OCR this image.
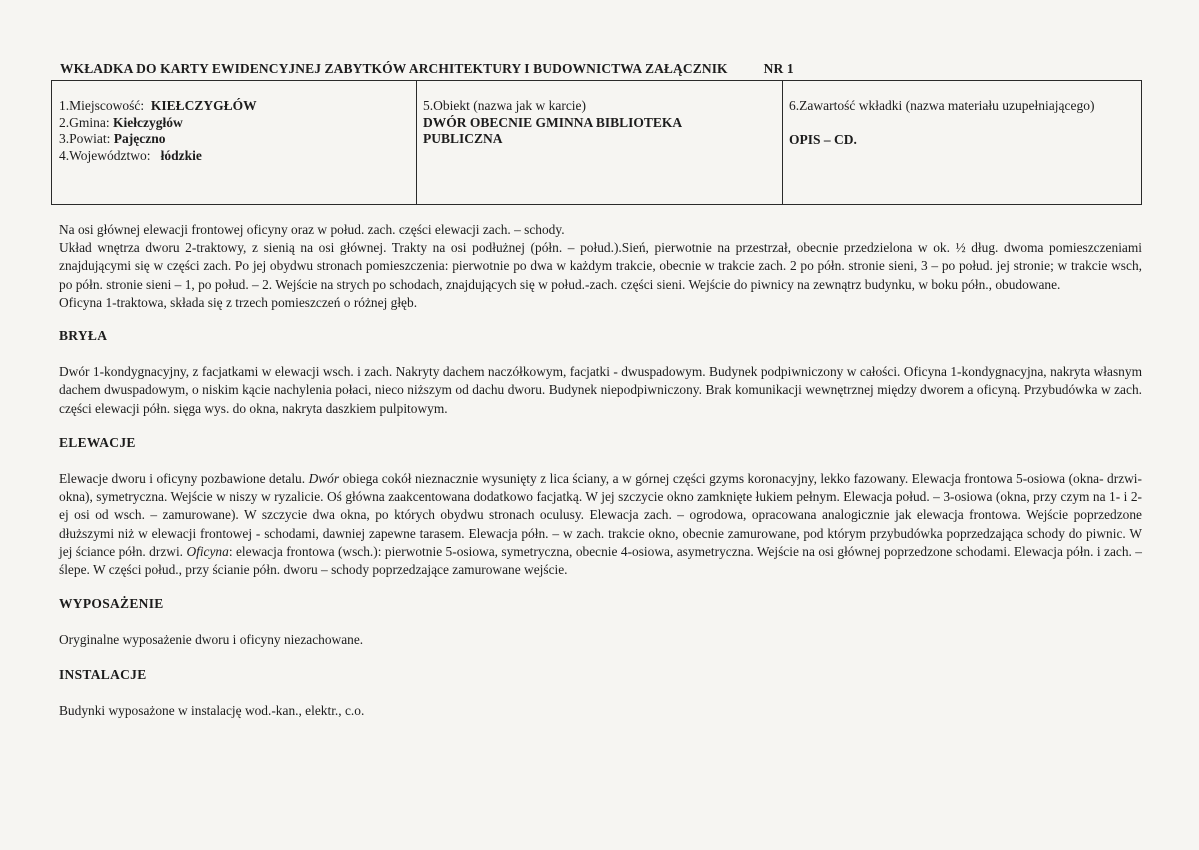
WKŁADKA DO KARTY EWIDENCYJNEJ ZABYTKÓW ARCHITEKTURY I BUDOWNICTWA ZAŁĄCZNIK	NR 1
1.Miejscowość: KIEŁCZYGŁÓW
2.Gmina: Kiełczygłów
3.Powiat: Pajęczno
4.Województwo: łódzkie
5.Obiekt (nazwa jak w karcie)
DWÓR OBECNIE GMINNA BIBLIOTEKA
PUBLICZNA
6.Zawartość wkładki (nazwa materiału uzupełniającego)
OPIS – CD.

Na osi głównej elewacji frontowej oficyny oraz w połud. zach. części elewacji zach. – schody.

Układ wnętrza dworu 2-traktowy, z sienią na osi głównej. Trakty na osi podłużnej (półn. – połud.).Sień, pierwotnie na przestrzał, obecnie przedzielona w ok. ½ dług. dwoma pomieszczeniami znajdującymi się w części zach. Po jej obydwu stronach pomieszczenia: pierwotnie po dwa w każdym trakcie, obecnie w trakcie zach. 2 po półn. stronie sieni, 3 – po połud. jej stronie; w trakcie wsch, po półn. stronie sieni – 1, po połud. – 2. Wejście na strych po schodach, znajdujących się w połud.-zach. części sieni. Wejście do piwnicy na zewnątrz budynku, w boku półn., obudowane.

Oficyna 1-traktowa, składa się z trzech pomieszczeń o różnej głęb.

BRYŁA

Dwór 1-kondygnacyjny, z facjatkami w elewacji wsch. i zach. Nakryty dachem naczółkowym, facjatki - dwuspadowym. Budynek podpiwniczony w całości. Oficyna 1-kondygnacyjna, nakryta własnym dachem dwuspadowym, o niskim kącie nachylenia połaci, nieco niższym od dachu dworu. Budynek niepodpiwniczony. Brak komunikacji wewnętrznej między dworem a oficyną. Przybudówka w zach. części elewacji półn. sięga wys. do okna, nakryta daszkiem pulpitowym.

ELEWACJE

Elewacje dworu i oficyny pozbawione detalu. Dwór obiega cokół nieznacznie wysunięty z lica ściany, a w górnej części gzyms koronacyjny, lekko fazowany. Elewacja frontowa 5-osiowa (okna- drzwi-okna), symetryczna. Wejście w niszy w ryzalicie. Oś główna zaakcentowana dodatkowo facjatką. W jej szczycie okno zamknięte łukiem pełnym. Elewacja połud. – 3-osiowa (okna, przy czym na 1- i 2-ej osi od wsch. – zamurowane). W szczycie dwa okna, po których obydwu stronach oculusy. Elewacja zach. – ogrodowa, opracowana analogicznie jak elewacja frontowa. Wejście poprzedzone dłuższymi niż w elewacji frontowej - schodami, dawniej zapewne tarasem. Elewacja półn. – w zach. trakcie okno, obecnie zamurowane, pod którym przybudówka poprzedzająca schody do piwnic. W jej ściance półn. drzwi. Oficyna: elewacja frontowa (wsch.): pierwotnie 5-osiowa, symetryczna, obecnie 4-osiowa, asymetryczna. Wejście na osi głównej poprzedzone schodami. Elewacja półn. i zach. – ślepe. W części połud., przy ścianie półn. dworu – schody poprzedzające zamurowane wejście.

WYPOSAŻENIE

Oryginalne wyposażenie dworu i oficyny niezachowane.

INSTALACJE

Budynki wyposażone w instalację wod.-kan., elektr., c.o.
